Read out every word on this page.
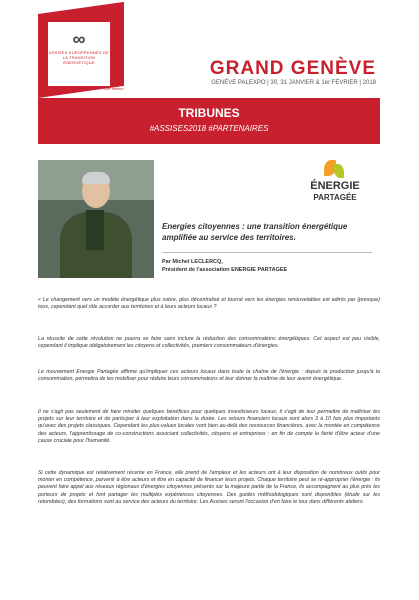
∞
ASSISES EUROPÉENNES DE LA TRANSITION ÉNERGÉTIQUE
19e édition
GRAND GENÈVE
GENÈVE PALEXPO | 30, 31 JANVIER & 1er FÉVRIER | 2018
TRIBUNES
#ASSISES2018 #PARTENAIRES
ÉNERGIE
PARTAGÉE
Energies citoyennes : une transition énergétique amplifiée au service des territoires.
Par Michel LECLERCQ,
Président de l'association ENERGIE PARTAGEE
« Le changement vers un modèle énergétique plus sobre, plus décentralisé et tourné vers les énergies renouvelables est admis par (presque) tous, cependant quel rôle accorder aux territoires et à leurs acteurs locaux ?
La réussite de cette révolution ne pourra se faire sans inclure la réduction des consommations énergétiques. Cet aspect est peu visible, cependant il implique obligatoirement les citoyens et collectivités, premiers consommateurs d'énergies.
Le mouvement Energie Partagée affirme qu'impliquer ces acteurs locaux dans toute la chaîne de l'énergie : depuis la production jusqu'à la consommation, permettra de les mobiliser pour réduire leurs consommations et leur donner la maîtrise de leur avenir énergétique.
Il ne s'agit pas seulement de faire miroiter quelques bénéfices pour quelques investisseurs locaux, il s'agit de leur permettre de maîtriser les projets sur leur territoire et de participer à leur exploitation dans la durée. Les retours financiers locaux sont alors 3 à 10 fois plus importants qu'avec des projets classiques. Cependant les plus-values locales vont bien au-delà des ressources financières, avec la montée en compétence des acteurs, l'apprentissage de co-constructions associant collectivités, citoyens et entreprises : en fin de compte la fierté d'être acteur d'une cause cruciale pour l'humanité.
Si cette dynamique est relativement récente en France, elle prend de l'ampleur et les acteurs ont à leur disposition de nombreux outils pour monter en compétence, parvenir à être acteurs et être en capacité de financer leurs projets. Chaque territoire peut se ré-approprier l'énergie : ils peuvent faire appel aux réseaux régionaux d'énergies citoyennes présents sur la majeure partie de la France, ils accompagnent au plus près les porteurs de projets et font partager les multiples expériences citoyennes. Des guides méthodologiques sont disponibles (étude sur les retombées), des formations sont au service des acteurs du territoire. Les Assises seront l'occasion d'en faire le tour dans différents ateliers.
